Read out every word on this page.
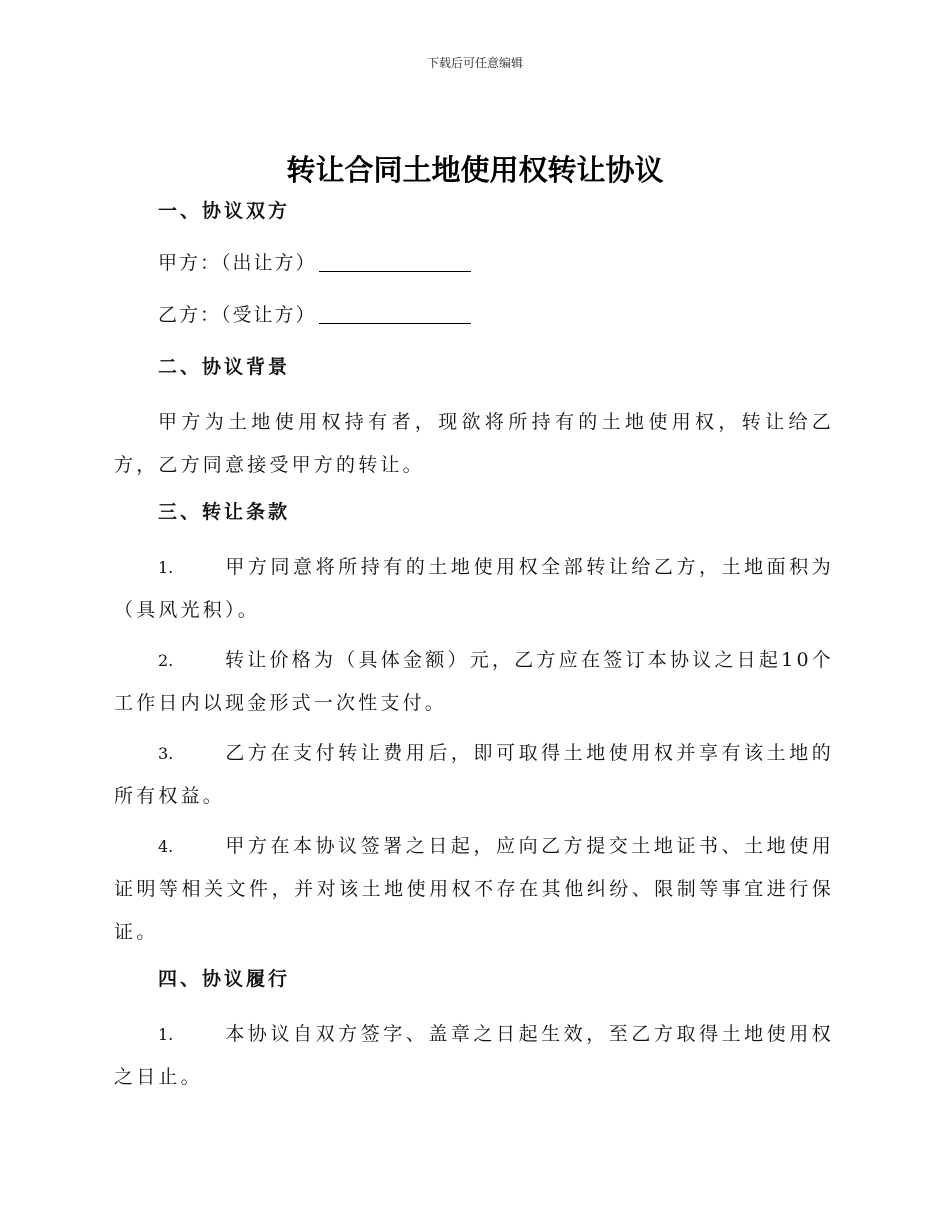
下载后可任意编辑
转让合同土地使用权转让协议
一、协议双方
甲方：（出让方）
乙方：（受让方）
二、协议背景

甲方为土地使用权持有者，现欲将所持有的土地使用权，转让给乙方，乙方同意接受甲方的转让。

三、转让条款

1.	甲方同意将所持有的土地使用权全部转让给乙方，土地面积为（具风光积）。

2.	转让价格为（具体金额）元，乙方应在签订本协议之日起10个工作日内以现金形式一次性支付。

3.	乙方在支付转让费用后，即可取得土地使用权并享有该土地的所有权益。

4.	甲方在本协议签署之日起，应向乙方提交土地证书、土地使用证明等相关文件，并对该土地使用权不存在其他纠纷、限制等事宜进行保证。

四、协议履行

1.	本协议自双方签字、盖章之日起生效，至乙方取得土地使用权之日止。
